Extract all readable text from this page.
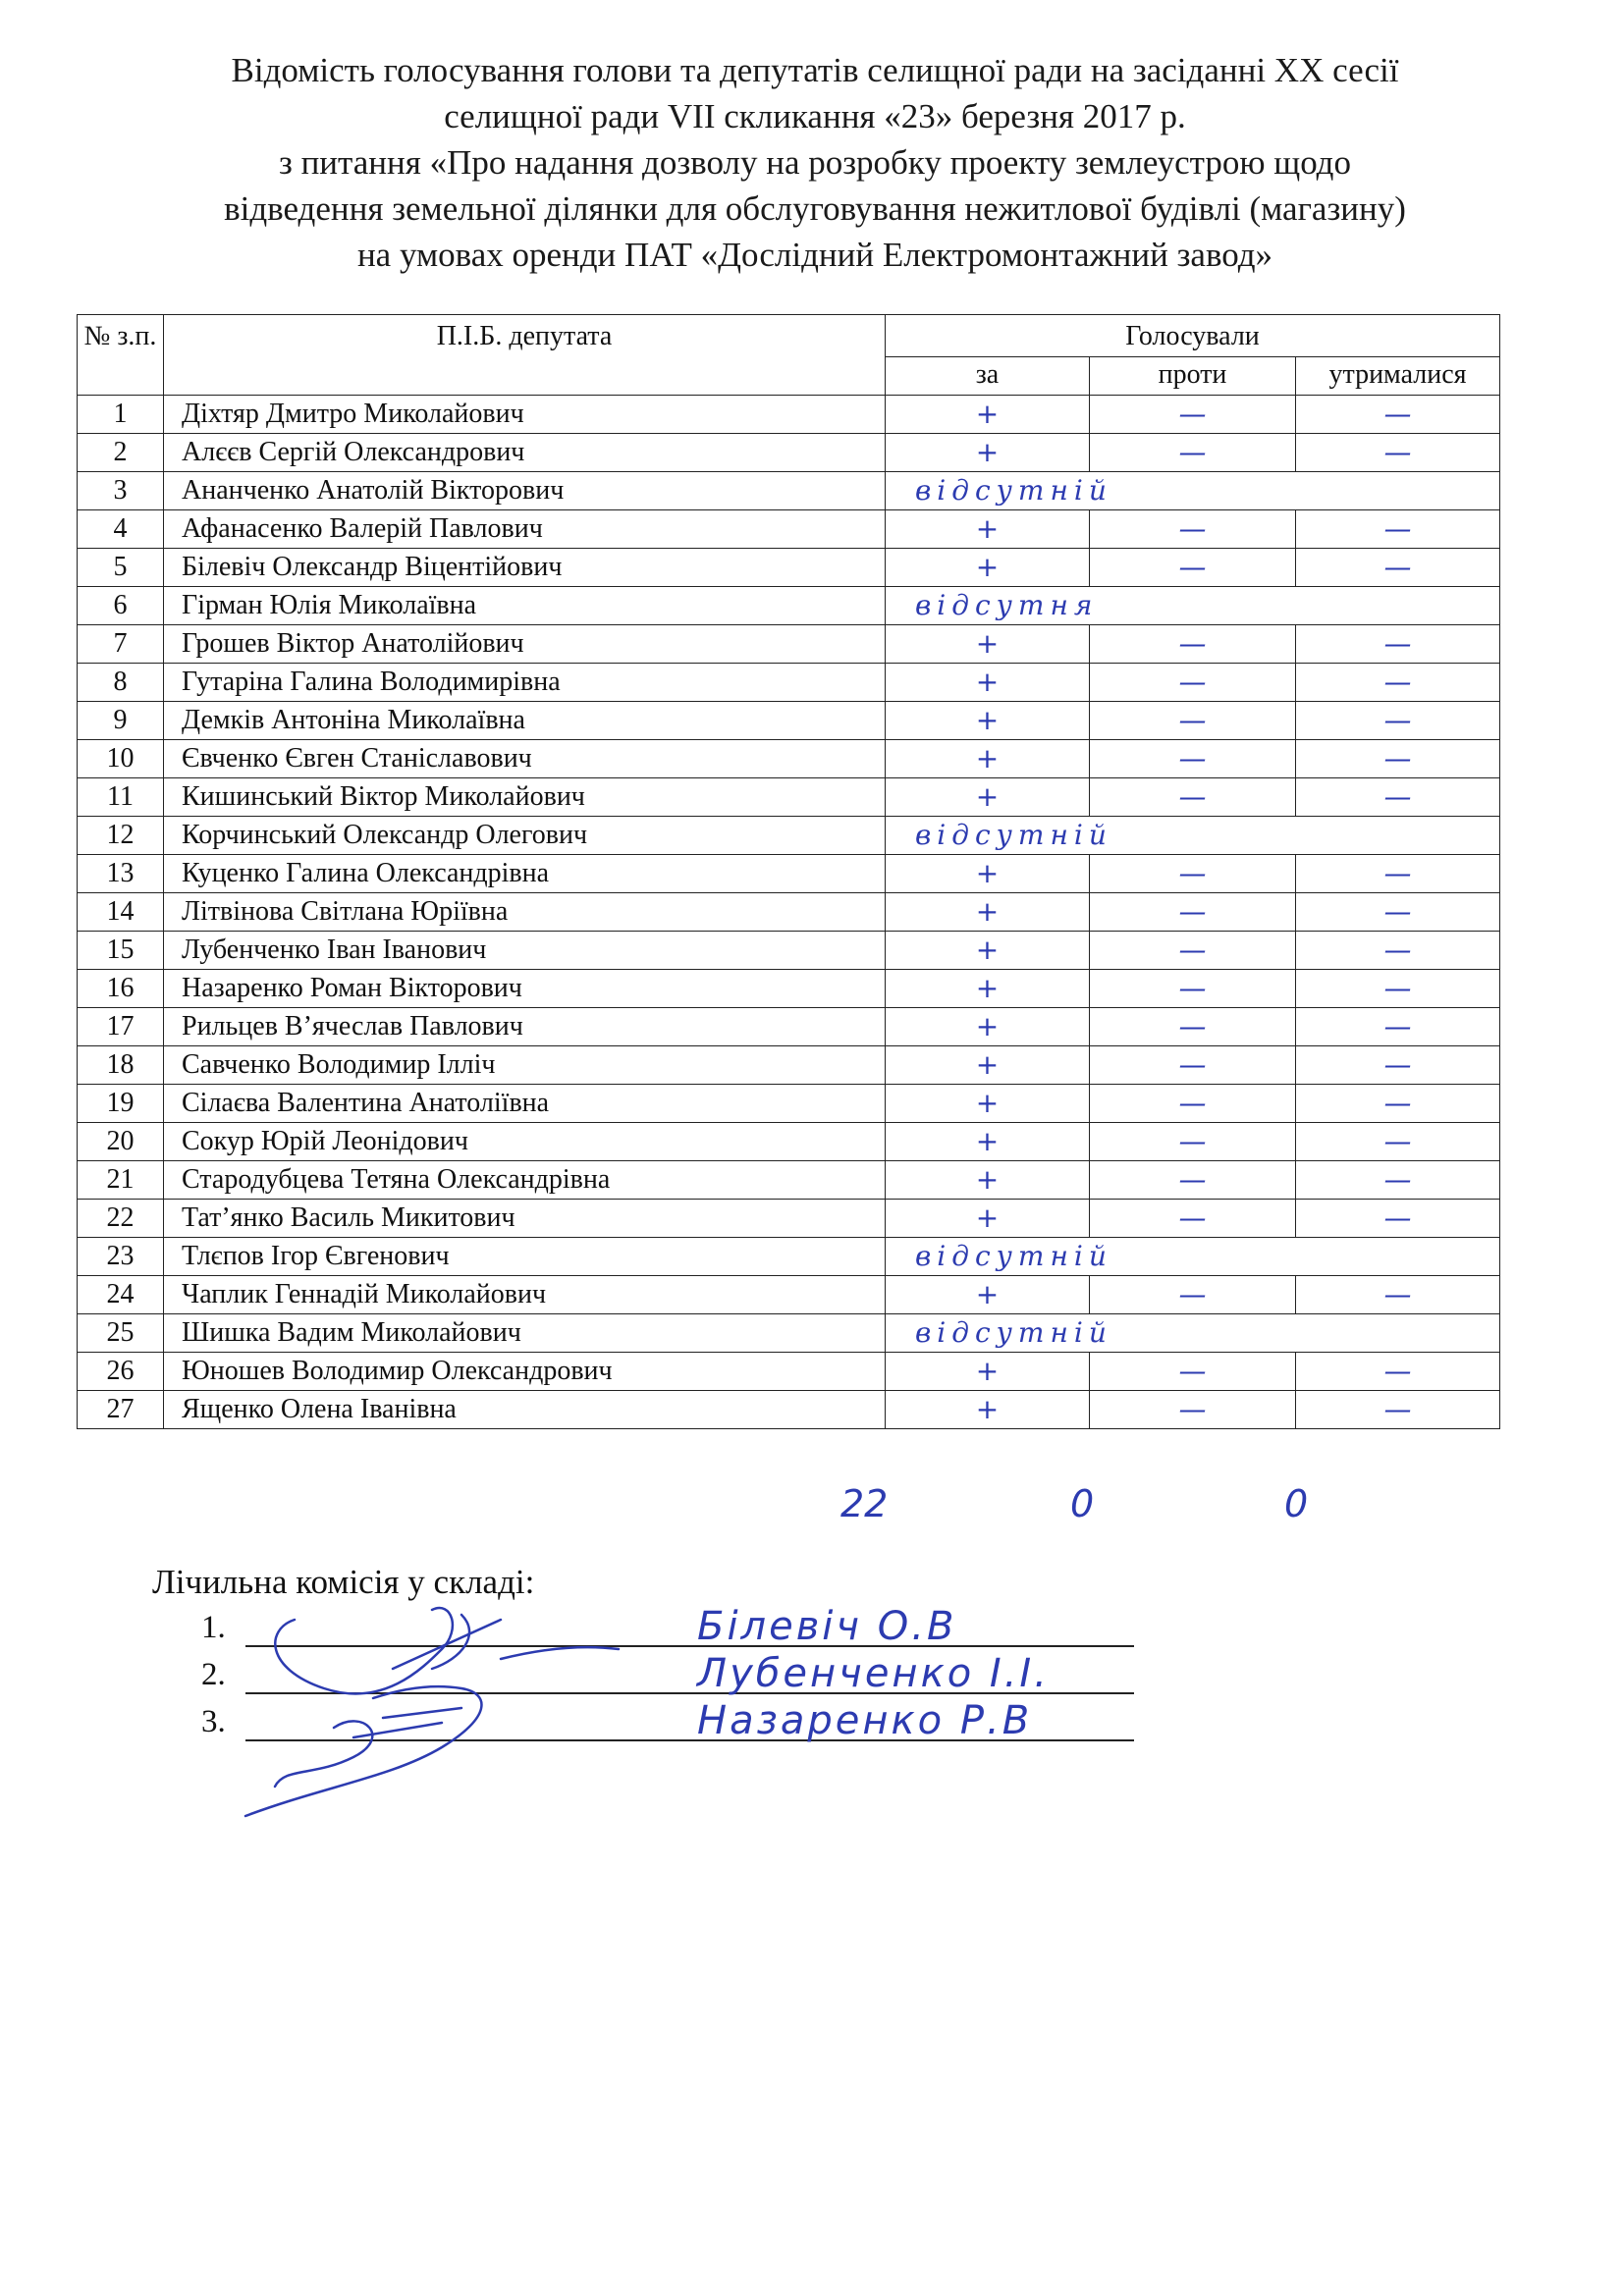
Відомість голосування голови та депутатів селищної ради на засіданні XX сесії
селищної ради VII скликання «23» березня 2017 р.
з питання «Про надання дозволу на розробку проекту землеустрою щодо
відведення земельної ділянки для обслуговування нежитлової будівлі (магазину)
на умовах оренди ПАТ «Дослідний Електромонтажний завод»
№ з.п.	П.І.Б. депутата	Голосували		
		за	проти	утрималися
1	Діхтяр Дмитро Миколайович	+	—	—
2	Алєєв Сергій Олександрович	+	—	—
3	Ананченко Анатолій Вікторович	відсутній		
4	Афанасенко Валерій Павлович	+	—	—
5	Білевіч Олександр Віцентійович	+	—	—
6	Гірман Юлія Миколаївна	відсутня		
7	Грошев Віктор Анатолійович	+	—	—
8	Гутаріна Галина Володимирівна	+	—	—
9	Демків Антоніна Миколаївна	+	—	—
10	Євченко Євген Станіславович	+	—	—
11	Кишинський Віктор Миколайович	+	—	—
12	Корчинський Олександр Олегович	відсутній		
13	Куценко Галина Олександрівна	+	—	—
14	Літвінова Світлана Юріївна	+	—	—
15	Лубенченко Іван Іванович	+	—	—
16	Назаренко Роман Вікторович	+	—	—
17	Рильцев В’ячеслав Павлович	+	—	—
18	Савченко Володимир Ілліч	+	—	—
19	Сілаєва Валентина Анатоліївна	+	—	—
20	Сокур Юрій Леонідович	+	—	—
21	Стародубцева Тетяна Олександрівна	+	—	—
22	Тат’янко Василь Микитович	+	—	—
23	Тлєпов Ігор Євгенович	відсутній		
24	Чаплик Геннадій Миколайович	+	—	—
25	Шишка Вадим Миколайович	відсутній		
26	Юношев Володимир Олександрович	+	—	—
27	Ященко Олена Іванівна	+	—	—
22	0	0
Лічильна комісія у складі:
1.	Білевіч О.В
2.	Лубенченко І.І.
3.	Назаренко Р.В
